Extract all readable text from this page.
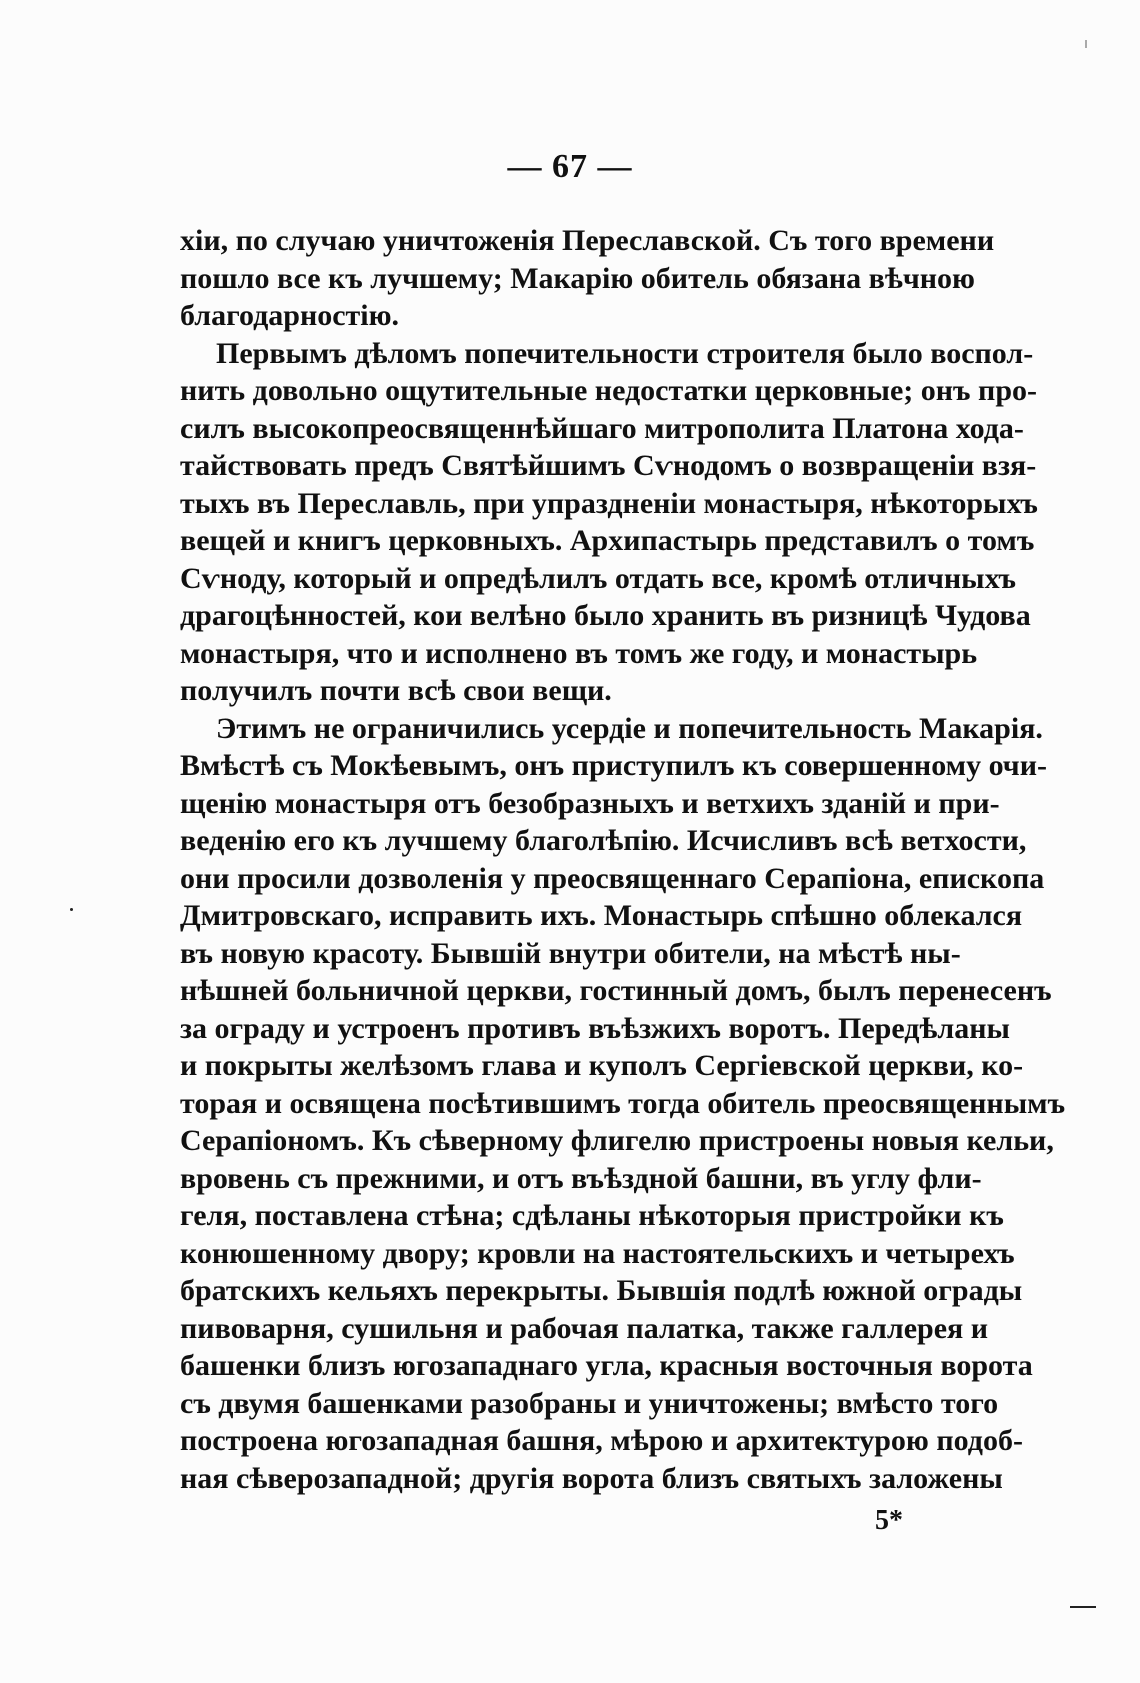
— 67 —
хіи, по случаю уничтоженія Переславской. Съ того времени
пошло все къ лучшему; Макарію обитель обязана вѣчною
благодарностію.
Первымъ дѣломъ попечительности строителя было воспол-
нить довольно ощутительные недостатки церковные; онъ про-
силъ высокопреосвященнѣйшаго митрополита Платона хода-
тайствовать предъ Святѣйшимъ Сѵнодомъ о возвращеніи взя-
тыхъ въ Переславль, при упраздненіи монастыря, нѣкоторыхъ
вещей и книгъ церковныхъ. Архипастырь представилъ о томъ
Сѵноду, который и опредѣлилъ отдать все, кромѣ отличныхъ
драгоцѣнностей, кои велѣно было хранить въ ризницѣ Чудова
монастыря, что и исполнено въ томъ же году, и монастырь
получилъ почти всѣ свои вещи.
Этимъ не ограничились усердіе и попечительность Макарія.
Вмѣстѣ съ Мокѣевымъ, онъ приступилъ къ совершенному очи-
щенію монастыря отъ безобразныхъ и ветхихъ зданій и при-
веденію его къ лучшему благолѣпію. Исчисливъ всѣ ветхости,
они просили дозволенія у преосвященнаго Серапіона, епископа
Дмитровскаго, исправить ихъ. Монастырь спѣшно облекался
въ новую красоту. Бывшій внутри обители, на мѣстѣ ны-
нѣшней больничной церкви, гостинный домъ, былъ перенесенъ
за ограду и устроенъ противъ въѣзжихъ воротъ. Передѣланы
и покрыты желѣзомъ глава и куполъ Сергіевской церкви, ко-
торая и освящена посѣтившимъ тогда обитель преосвященнымъ
Серапіономъ. Къ сѣверному флигелю пристроены новыя кельи,
вровень съ прежними, и отъ въѣздной башни, въ углу фли-
геля, поставлена стѣна; сдѣланы нѣкоторыя пристройки къ
конюшенному двору; кровли на настоятельскихъ и четырехъ
братскихъ кельяхъ перекрыты. Бывшія подлѣ южной ограды
пивоварня, сушильня и рабочая палатка, также галлерея и
башенки близъ югозападнаго угла, красныя восточныя ворота
съ двумя башенками разобраны и уничтожены; вмѣсто того
построена югозападная башня, мѣрою и архитектурою подоб-
ная сѣверозападной; другія ворота близъ святыхъ заложены
5*
